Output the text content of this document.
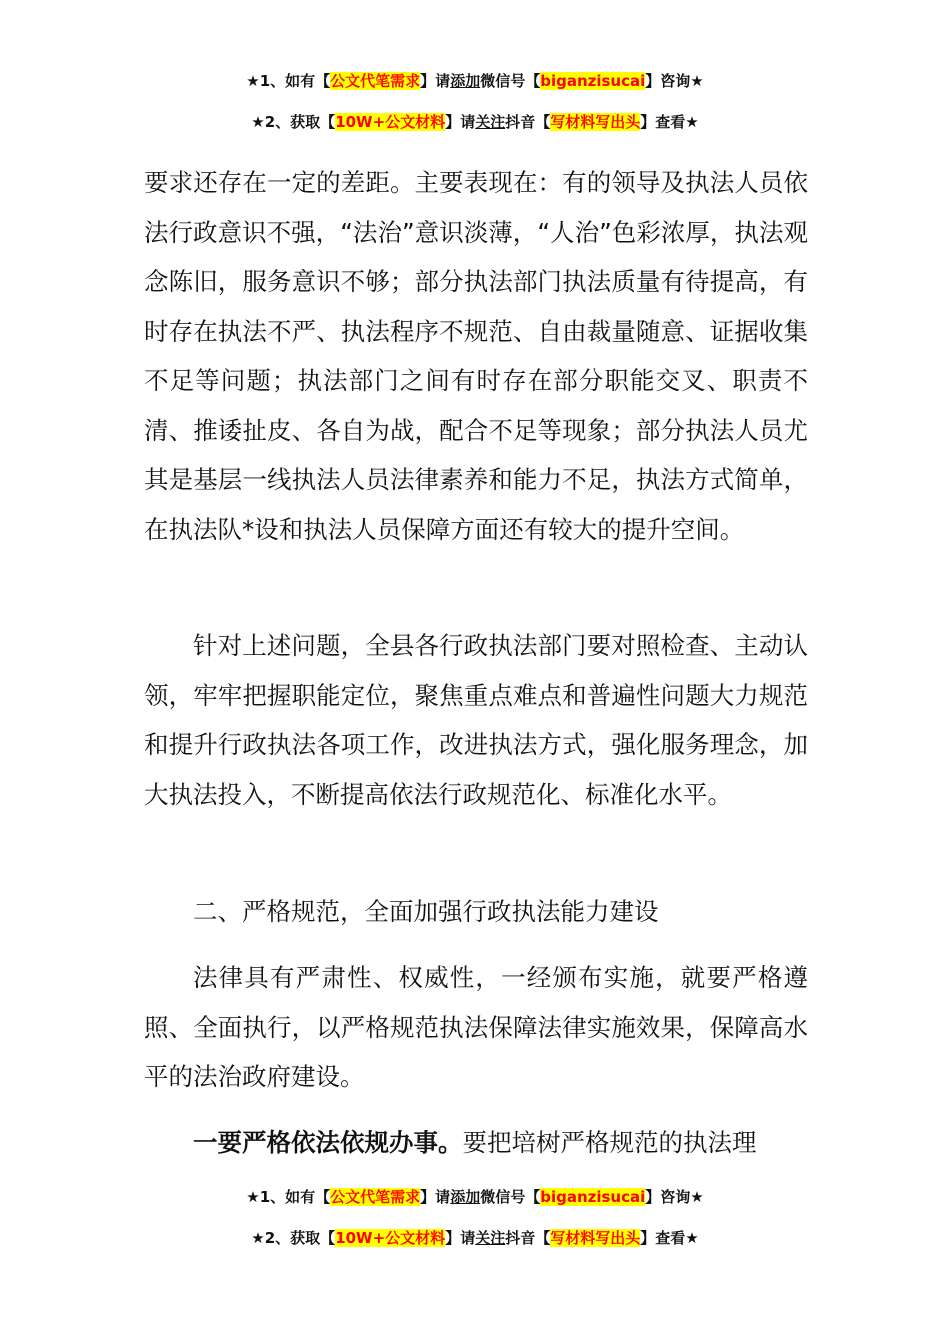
★1、如有【公文代笔需求】请添加微信号【biganzisucai】咨询★
★2、获取【10W+公文材料】请关注抖音【写材料写出头】查看★

要求还存在一定的差距。主要表现在：有的领导及执法人员依法行政意识不强，“法治”意识淡薄，“人治”色彩浓厚，执法观念陈旧，服务意识不够；部分执法部门执法质量有待提高，有时存在执法不严、执法程序不规范、自由裁量随意、证据收集不足等问题；执法部门之间有时存在部分职能交叉、职责不清、推诿扯皮、各自为战，配合不足等现象；部分执法人员尤其是基层一线执法人员法律素养和能力不足，执法方式简单，在执法队*设和执法人员保障方面还有较大的提升空间。

针对上述问题，全县各行政执法部门要对照检查、主动认领，牢牢把握职能定位，聚焦重点难点和普遍性问题大力规范和提升行政执法各项工作，改进执法方式，强化服务理念，加大执法投入，不断提高依法行政规范化、标准化水平。

二、严格规范，全面加强行政执法能力建设

法律具有严肃性、权威性，一经颁布实施，就要严格遵照、全面执行，以严格规范执法保障法律实施效果，保障高水平的法治政府建设。

一要严格依法依规办事。要把培树严格规范的执法理

★1、如有【公文代笔需求】请添加微信号【biganzisucai】咨询★
★2、获取【10W+公文材料】请关注抖音【写材料写出头】查看★
